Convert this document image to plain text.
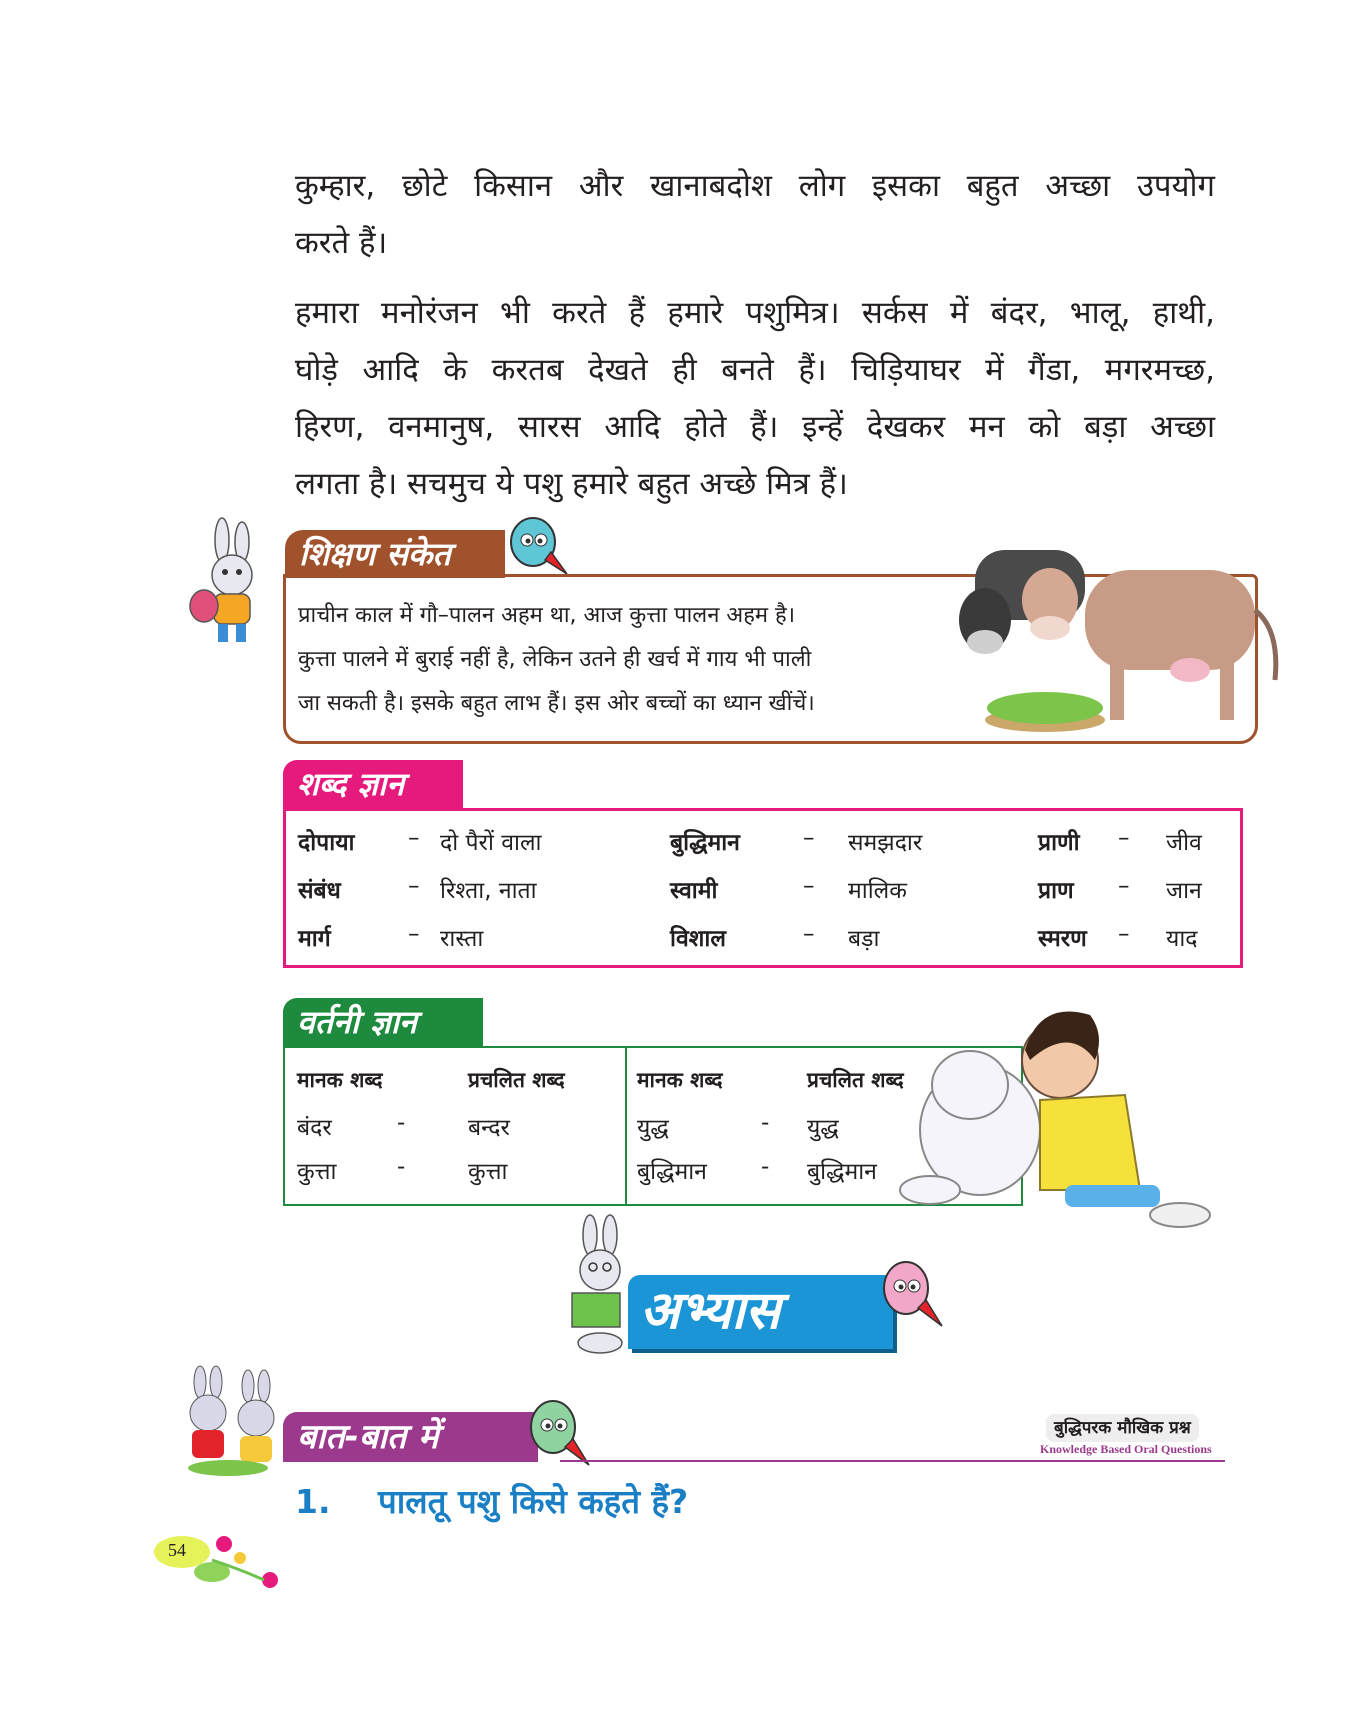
कुम्हार, छोटे किसान और खानाबदोश लोग इसका बहुत अच्छा उपयोग
करते हैं।
हमारा मनोरंजन भी करते हैं हमारे पशुमित्र। सर्कस में बंदर, भालू, हाथी,
घोड़े आदि के करतब देखते ही बनते हैं। चिड़ियाघर में गैंडा, मगरमच्छ,
हिरण, वनमानुष, सारस आदि होते हैं। इन्हें देखकर मन को बड़ा अच्छा
लगता है। सचमुच ये पशु हमारे बहुत अच्छे मित्र हैं।
शिक्षण संकेत
प्राचीन काल में गौ–पालन अहम था, आज कुत्ता पालन अहम है।
कुत्ता पालने में बुराई नहीं है, लेकिन उतने ही खर्च में गाय भी पाली
जा सकती है। इसके बहुत लाभ हैं। इस ओर बच्चों का ध्यान खींचें।
शब्द ज्ञान
दोपाया – दो पैरों वाला	बुद्धिमान	– समझदार	प्राणी – जीव
संबंध	– रिश्ता, नाता	स्वामी	– मालिक	प्राण – जान
मार्ग	– रास्ता	विशाल	– बड़ा	स्मरण – याद
वर्तनी ज्ञान
मानक शब्द	प्रचलित शब्द
बंदर	-	बन्दर
कुत्ता	-	कुत्ता
मानक शब्द	प्रचलित शब्द
युद्ध	- युद्ध
बुद्धिमान - बुद्धिमान
अभ्यास
बात-बात में	बुद्धिपरक मौखिक प्रश्न
Knowledge Based Oral Questions
1. पालतू पशु किसे कहते हैं?
54
